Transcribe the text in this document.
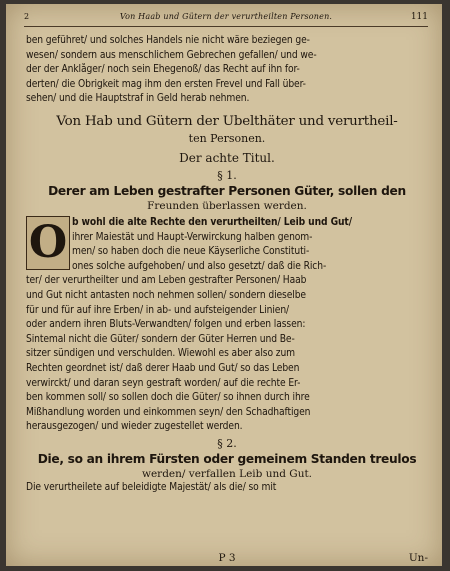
2	Von Haab und Gütern der verurtheilten Personen.	111
ben geführet/ und solches Handels nie nicht wäre beziegen ge-
wesen/ sondern aus menschlichem Gebrechen gefallen/ und we-
der der Anklåger/ noch sein Ehegenoß/ das Recht auf ihn for-
derten/ die Obrigkeit mag ihm den ersten Frevel und Fall über-
sehen/ und die Hauptstraf in Geld herab nehmen.
Von Hab und Gütern der Ubelthäter und verurtheil-
ten Personen.
Der achte Titul.
§ 1.
Derer am Leben gestrafter Personen Güter, sollen den
Freunden überlassen werden.
O b wohl die alte Rechte den verurtheilten/ Leib und Gut/
ihrer Maiestät und Haupt-Verwirckung halben genom-
men/ so haben doch die neue Käyserliche Constituti-
ones solche aufgehoben/ und also gesetzt/ daß die Rich-
ter/ der verurtheilter und am Leben gestrafter Personen/ Haab
und Gut nicht antasten noch nehmen sollen/ sondern dieselbe
für und für auf ihre Erben/ in ab- und aufsteigender Linien/
oder andern ihren Bluts-Verwandten/ folgen und erben lassen:
Sintemal nicht die Güter/ sondern der Güter Herren und Be-
sitzer sündigen und verschulden. Wiewohl es aber also zum
Rechten geordnet ist/ daß derer Haab und Gut/ so das Leben
verwirckt/ und daran seyn gestraft worden/ auf die rechte Er-
ben kommen soll/ so sollen doch die Güter/ so ihnen durch ihre
Mißhandlung worden und einkommen seyn/ den Schadhaftigen
herausgezogen/ und wieder zugestellet werden.
§ 2.
Die, so an ihrem Fürsten oder gemeinem Standen treulos
werden/ verfallen Leib und Gut.
Die verurtheilete auf beleidigte Majestät/ als die/ so mit
P 3	Un-
